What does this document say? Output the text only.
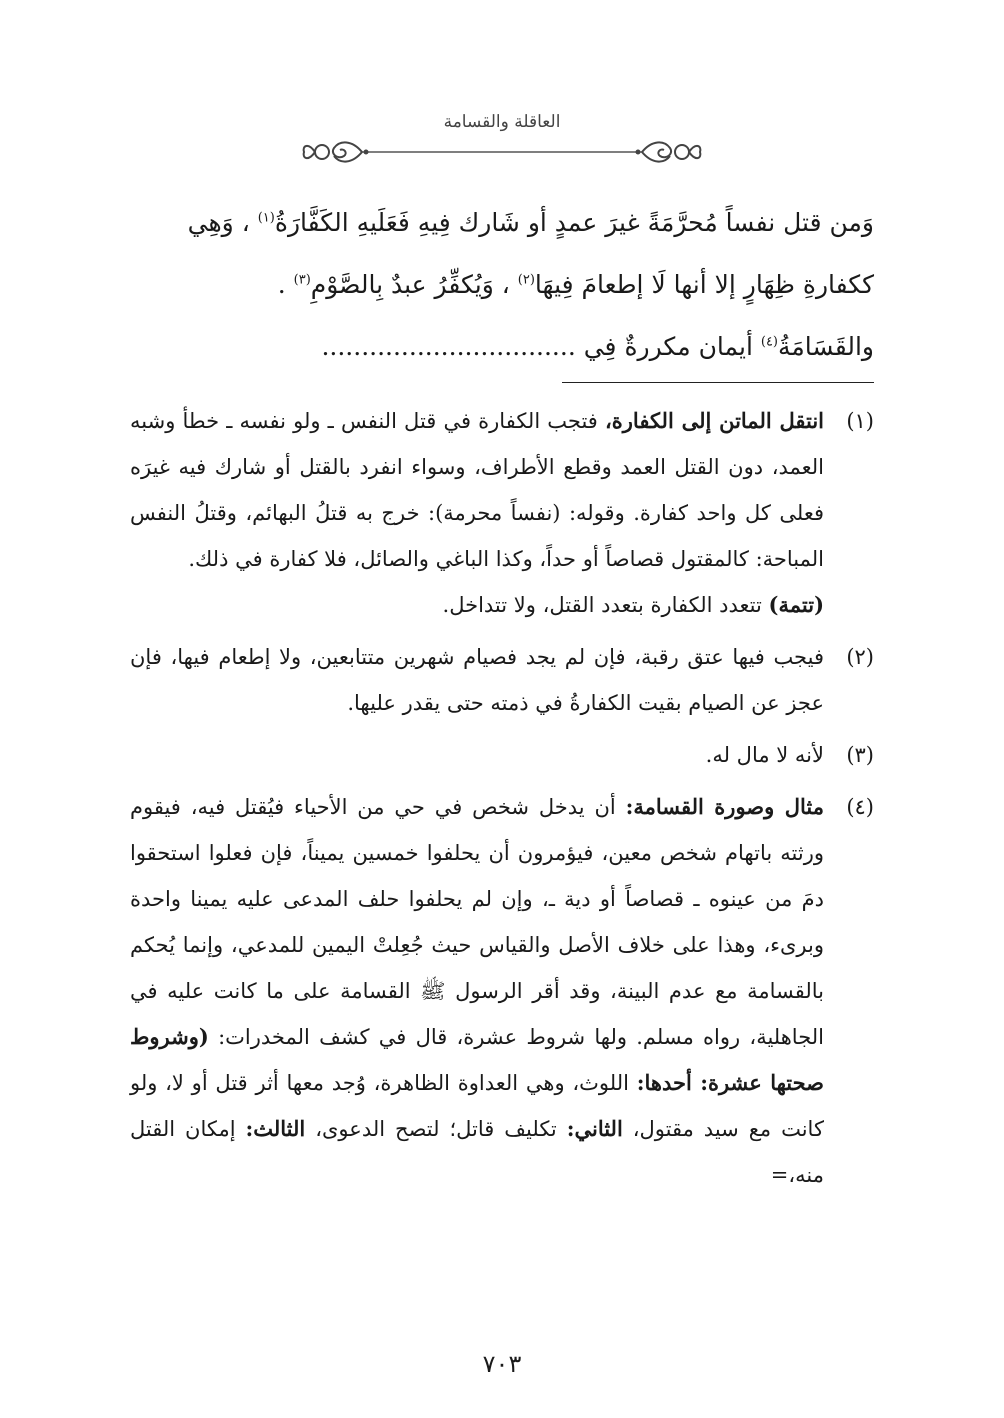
العاقلة والقسامة
وَمن قتل نفساً مُحرَّمَةً غيرَ عمدٍ أو شَارك فِيهِ فَعَلَيهِ الكَفَّارَةُ$^{(١)}$ ، وَهِي
ككفارةِ ظِهَارٍ إلا أنها لَا إطعامَ فِيهَا$^{(٢)}$ ، وَيُكفِّرُ عبدٌ بِالصَّوْمِ$^{(٣)}$ .
والقَسَامَةُ$^{(٤)}$ أيمان مكررةٌ فِي ................................

(١)
انتقل الماتن إلى الكفارة، فتجب الكفارة في قتل النفس ـ ولو نفسه ـ خطأ وشبه العمد، دون القتل العمد وقطع الأطراف، وسواء انفرد بالقتل أو شارك فيه غيرَه فعلى كل واحد كفارة. وقوله: (نفساً محرمة): خرج به قتلُ البهائم، وقتلُ النفس المباحة: كالمقتول قصاصاً أو حداً، وكذا الباغي والصائل، فلا كفارة في ذلك.
(تتمة) تتعدد الكفارة بتعدد القتل، ولا تتداخل.

(٢)
فيجب فيها عتق رقبة، فإن لم يجد فصيام شهرين متتابعين، ولا إطعام فيها، فإن عجز عن الصيام بقيت الكفارةُ في ذمته حتى يقدر عليها.

(٣)
لأنه لا مال له.

(٤)
مثال وصورة القسامة: أن يدخل شخص في حي من الأحياء فيُقتل فيه، فيقوم ورثته باتهام شخص معين، فيؤمرون أن يحلفوا خمسين يميناً، فإن فعلوا استحقوا دمَ من عينوه ـ قصاصاً أو دية ـ، وإن لم يحلفوا حلف المدعى عليه يمينا واحدة وبرىء، وهذا على خلاف الأصل والقياس حيث جُعِلتْ اليمين للمدعي، وإنما يُحكم بالقسامة مع عدم البينة، وقد أقر الرسول ﷺ القسامة على ما كانت عليه في الجاهلية، رواه مسلم. ولها شروط عشرة، قال في كشف المخدرات: (وشروط صحتها عشرة: أحدها: اللوث، وهي العداوة الظاهرة، وُجد معها أثر قتل أو لا، ولو كانت مع سيد مقتول، الثاني: تكليف قاتل؛ لتصح الدعوى، الثالث: إمكان القتل منه،=

٧٠٣
